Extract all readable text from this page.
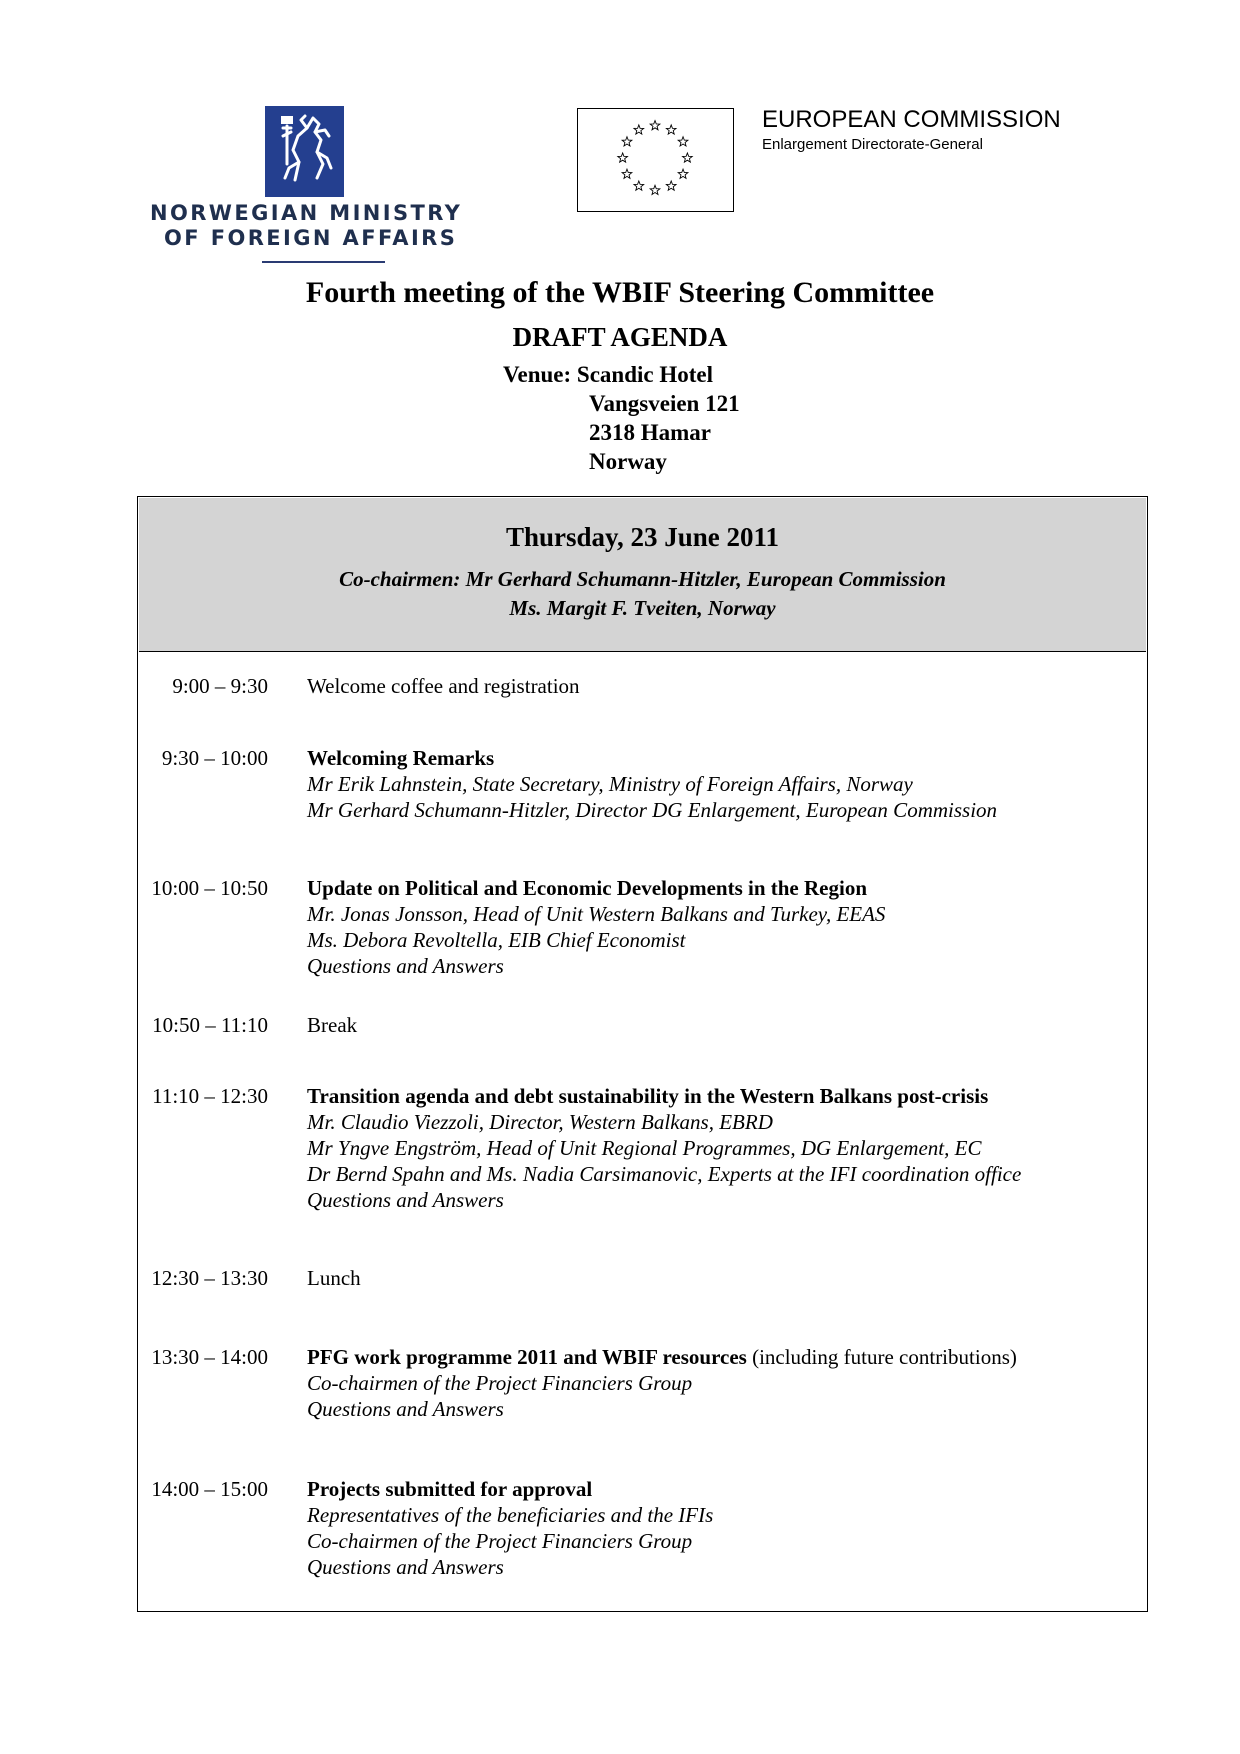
NORWEGIAN MINISTRY
OF FOREIGN AFFAIRS
EUROPEAN COMMISSION
Enlargement Directorate-General
Fourth meeting of the WBIF Steering Committee
DRAFT AGENDA
Venue: Scandic Hotel
Vangsveien 121
2318 Hamar
Norway
Thursday, 23 June 2011
Co-chairmen: Mr Gerhard Schumann-Hitzler, European Commission
Ms. Margit F. Tveiten, Norway
9:00 – 9:30 Welcome coffee and registration
9:30 – 10:00 Welcoming Remarks
Mr Erik Lahnstein, State Secretary, Ministry of Foreign Affairs, Norway
Mr Gerhard Schumann-Hitzler, Director DG Enlargement, European Commission
10:00 – 10:50 Update on Political and Economic Developments in the Region
Mr. Jonas Jonsson, Head of Unit Western Balkans and Turkey, EEAS
Ms. Debora Revoltella, EIB Chief Economist
Questions and Answers
10:50 – 11:10 Break
11:10 – 12:30 Transition agenda and debt sustainability in the Western Balkans post-crisis
Mr. Claudio Viezzoli, Director, Western Balkans, EBRD
Mr Yngve Engström, Head of Unit Regional Programmes, DG Enlargement, EC
Dr Bernd Spahn and Ms. Nadia Carsimanovic, Experts at the IFI coordination office
Questions and Answers
12:30 – 13:30 Lunch
13:30 – 14:00 PFG work programme 2011 and WBIF resources (including future contributions)
Co-chairmen of the Project Financiers Group
Questions and Answers
14:00 – 15:00 Projects submitted for approval
Representatives of the beneficiaries and the IFIs
Co-chairmen of the Project Financiers Group
Questions and Answers
